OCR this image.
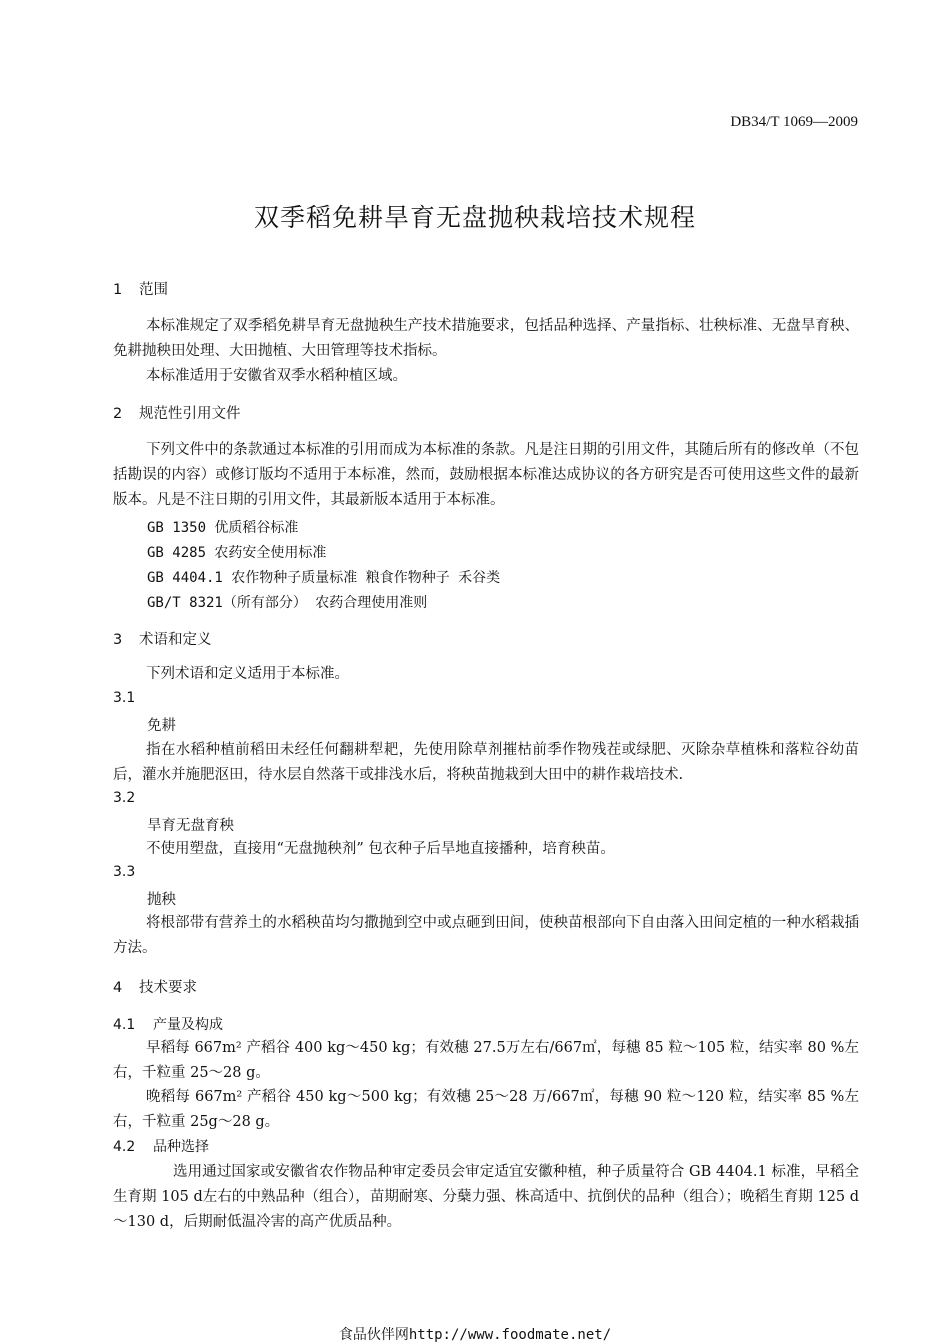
DB34/T 1069—2009
双季稻免耕旱育无盘抛秧栽培技术规程
1 范围
本标准规定了双季稻免耕旱育无盘抛秧生产技术措施要求，包括品种选择、产量指标、壮秧标准、无盘旱育秧、免耕抛秧田处理、大田抛植、大田管理等技术指标。
本标准适用于安徽省双季水稻种植区域。
2 规范性引用文件
下列文件中的条款通过本标准的引用而成为本标准的条款。凡是注日期的引用文件，其随后所有的修改单（不包括勘误的内容）或修订版均不适用于本标准，然而，鼓励根据本标准达成协议的各方研究是否可使用这些文件的最新版本。凡是不注日期的引用文件，其最新版本适用于本标准。
GB 1350 优质稻谷标准
GB 4285 农药安全使用标准
GB 4404.1 农作物种子质量标准 粮食作物种子 禾谷类
GB/T 8321（所有部分） 农药合理使用准则
3 术语和定义
下列术语和定义适用于本标准。
3.1
免耕
指在水稻种植前稻田未经任何翻耕犁耙，先使用除草剂摧枯前季作物残茬或绿肥、灭除杂草植株和落粒谷幼苗后，灌水并施肥沤田，待水层自然落干或排浅水后，将秧苗抛栽到大田中的耕作栽培技术.
3.2
旱育无盘育秧
不使用塑盘，直接用“无盘抛秧剂” 包衣种子后旱地直接播种，培育秧苗。
3.3
抛秧
将根部带有营养土的水稻秧苗均匀撒抛到空中或点砸到田间，使秧苗根部向下自由落入田间定植的一种水稻栽插方法。
4 技术要求
4.1 产量及构成
早稻每 667m² 产稻谷 400 kg～450 kg；有效穗 27.5万左右/667㎡，每穗 85 粒～105 粒，结实率 80 %左右，千粒重 25～28 g。
晚稻每 667m² 产稻谷 450 kg～500 kg；有效穗 25～28 万/667㎡，每穗 90 粒～120 粒，结实率 85 %左右，千粒重 25g～28 g。
4.2 品种选择
选用通过国家或安徽省农作物品种审定委员会审定适宜安徽种植，种子质量符合 GB 4404.1 标准，早稻全生育期 105 d左右的中熟品种（组合），苗期耐寒、分蘖力强、株高适中、抗倒伏的品种（组合）；晚稻生育期 125 d～130 d，后期耐低温冷害的高产优质品种。
食品伙伴网http://www.foodmate.net/
